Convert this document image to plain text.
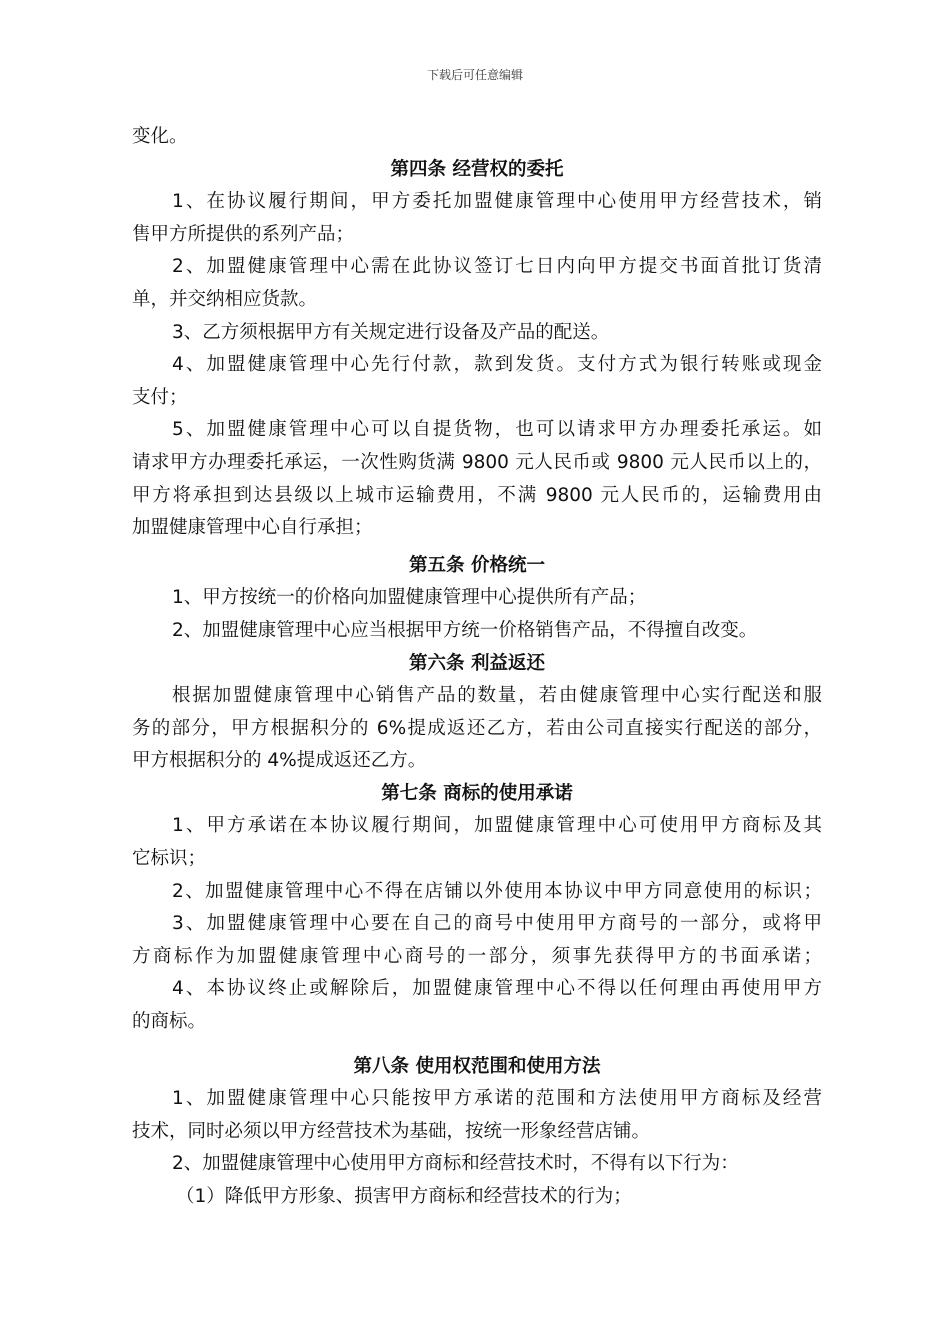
下载后可任意编辑
变化。
第四条 经营权的委托
1、在协议履行期间，甲方委托加盟健康管理中心使用甲方经营技术，销
售甲方所提供的系列产品；
2、加盟健康管理中心需在此协议签订七日内向甲方提交书面首批订货清
单，并交纳相应货款。
3、乙方须根据甲方有关规定进行设备及产品的配送。
4、加盟健康管理中心先行付款，款到发货。支付方式为银行转账或现金
支付；
5、加盟健康管理中心可以自提货物，也可以请求甲方办理委托承运。如
请求甲方办理委托承运，一次性购货满 9800 元人民币或 9800 元人民币以上的，
甲方将承担到达县级以上城市运输费用，不满 9800 元人民币的，运输费用由
加盟健康管理中心自行承担；
第五条 价格统一
1、甲方按统一的价格向加盟健康管理中心提供所有产品；
2、加盟健康管理中心应当根据甲方统一价格销售产品，不得擅自改变。
第六条 利益返还
根据加盟健康管理中心销售产品的数量，若由健康管理中心实行配送和服
务的部分，甲方根据积分的 6%提成返还乙方，若由公司直接实行配送的部分，
甲方根据积分的 4%提成返还乙方。
第七条 商标的使用承诺
1、甲方承诺在本协议履行期间，加盟健康管理中心可使用甲方商标及其
它标识；
2、加盟健康管理中心不得在店铺以外使用本协议中甲方同意使用的标识；
3、加盟健康管理中心要在自己的商号中使用甲方商号的一部分，或将甲
方商标作为加盟健康管理中心商号的一部分，须事先获得甲方的书面承诺；
4、本协议终止或解除后，加盟健康管理中心不得以任何理由再使用甲方
的商标。
第八条 使用权范围和使用方法
1、加盟健康管理中心只能按甲方承诺的范围和方法使用甲方商标及经营
技术，同时必须以甲方经营技术为基础，按统一形象经营店铺。
2、加盟健康管理中心使用甲方商标和经营技术时，不得有以下行为：
（1）降低甲方形象、损害甲方商标和经营技术的行为；
